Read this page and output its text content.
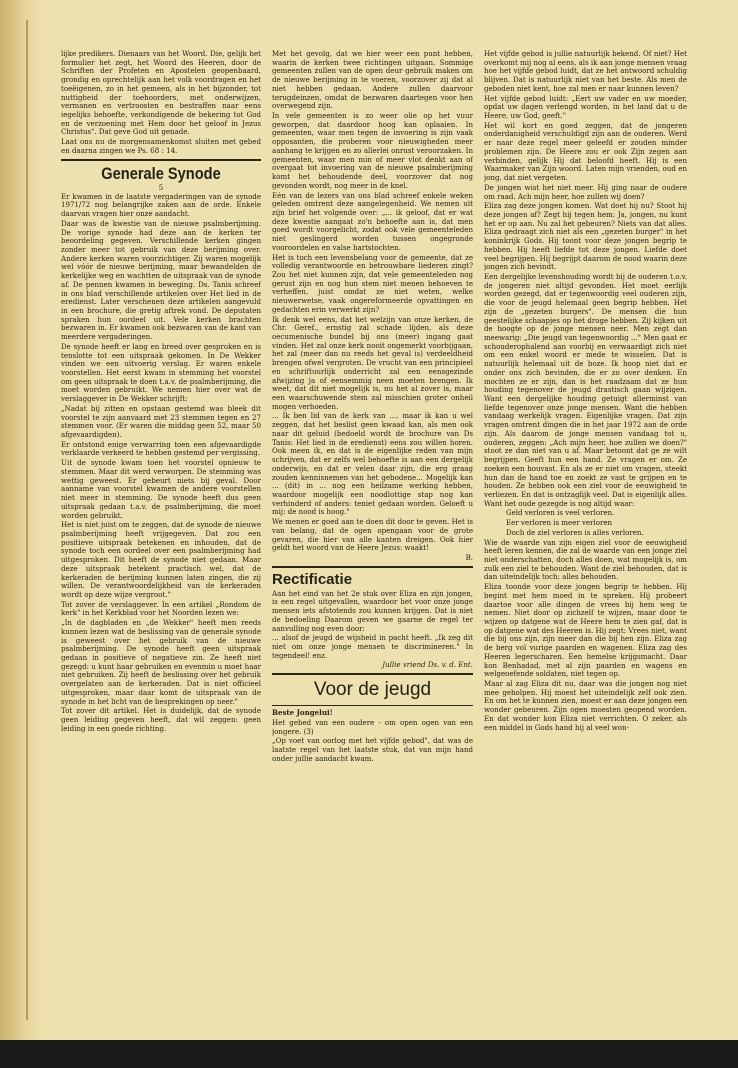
lijke predikers. Dienaars van het Woord. Die, gelijk het formulier het zegt, het Woord des Heeren, door de Schriften der Profeten en Apostelen geopenbaard, grondig en oprechtelijk aan het volk voordragen en het toeëigenen, zo in het gemeen, als in het bijzonder, tot nuttigheid der toehoorders, met onderwijzen, vermanen en vertroosten en bestraffen naar eens iegelijks behoefte, verkondigende de bekering tot God en de verzoening met Hem door het geloof in Jezus Christus". Dat geve God uit genade.

Laat ons nu de morgensamenkomst sluiten met gebed en daarna zingen we Ps. 68 : 14.

Generale Synode
5

Er kwamen in de laatste vergaderingen van de synode 1971/72 nog belangrijke zaken aan de orde. Enkele daarvan vragen hier onze aandacht.

Daar was de kwestie van de nieuwe psalmberijming. De vorige synode had deze aan de kerken ter beoordeling gegeven. Verschillende kerken gingen zonder meer tot gebruik van deze berijming over. Andere kerken waren voorzichtiger. Zij waren mogelijk wel vóór de nieuwe berijming, maar bewandelden de kerkelijke weg en wachtten de uitspraak van de synode af. De pennen kwamen in beweging. Ds. Tanis schreef in ons blad verschillende artikelen over Het lied in de eredienst. Later verschenen deze artikelen aangevuld in een brochure, die gretig aftrek vond. De deputaten spraken hun oordeel uit. Vele kerken brachten bezwaren in. Er kwamen ook bezwaren van de kant van meerdere vergaderingen.

De synode heeft er lang en breed over gesproken en is tenslotte tot een uitspraak gekomen. In De Wekker vinden we een uitvoerig verslag. Er waren enkele voorstellen. Het eerst kwam in stemming het voorstel om geen uitspraak te doen t.a.v. de psalmberijming, die moet worden gebruikt. We nemen hier over wat de verslaggever in De Wekker schrijft:

„Nadat bij zitten en opstaan gestemd was bleek dit voorstel te zijn aanvaard met 23 stemmen tegen en 27 stemmen voor. (Er waren die middag geen 52, maar 50 afgevaardigden).

Er ontstond enige verwarring toen een afgevaardigde verklaarde verkeerd te hebben gestemd per vergissing.

Uit de synode kwam toen het voorstel opnieuw te stemmen. Maar dit werd verworpen. De stemming was wettig geweest. Er gebeurt niets bij geval. Door aanname van voorstel kwamen de andere voorstellen niet meer in stemming. De synode heeft dus geen uitspraak gedaan t.a.v. de psalmberijming, die moet worden gebruikt.

Het is niet juist om te zeggen, dat de synode de nieuwe psalmberijming heeft vrijgegeven. Dat zou een positieve uitspraak betekenen en inhouden, dat de synode toch een oordeel over een psalmberijming had uitgesproken. Dit heeft de synode niet gedaan. Maar deze uitspraak betekent practisch wel, dat de kerkeraden de berijming kunnen laten zingen, die zij willen. De verantwoordelijkheid van de kerkeraden wordt op deze wijze vergroot."

Tot zover de verslaggever. In een artikel „Rondom de kerk" in het Kerkblad voor het Noorden lezen we:

„In de dagbladen en „de Wekker" heeft men reeds kunnen lezen wat de beslissing van de generale synode is geweest over het gebruik van de nieuwe psalmberijming. De synode heeft geen uitspraak gedaan in positieve of negatieve zin. Ze heeft niet gezegd: u kunt haar gebruiken en evenmin u moet haar niet gebruiken. Zij heeft de beslissing over het gebruik overgelaten aan de kerkeraden. Dat is niet officieel uitgesproken, maar daar komt de uitspraak van de synode in het licht van de besprekingen op neer."

Tot zover dit artikel. Het is duidelijk, dat de synode geen leiding gegeven heeft, dat wil zeggen: geen leiding in een goede richting.

Met het gevolg, dat we hier weer een punt hebben, waarin de kerken twee richtingen uitgaan. Sommige gemeenten zullen van de open deur gebruik maken om de nieuwe berijming in te voeren, voorzover zij dat al niet hebben gedaan. Andere zullen daarvoor terugdeinzen, omdat de bezwaren daartegen voor hen overwegend zijn.

In vele gemeenten is zo weer olie op het vuur geworpen, dat daardoor hoog kan oplaaien. In gemeenten, waar men tegen de invoering is zijn vaak opposanten, die proberen voor nieuwigheden meer aanhang te krijgen en zo allerlei onrust veroorzaken. In gemeenten, waar men min of meer vlot denkt aan of overgaat tot invoering van de nieuwe psalmberijming komt het behoudende deel, voorzover dat nog gevonden wordt, nog meer in de knel.

Eén van de lezers van ons blad schreef enkele weken geleden omtrent deze aangelegenheid. We nemen uit zijn brief het volgende over: „... ik geloof, dat er wat deze kwestie aangaat zo'n behoefte aan is, dat men goed wordt voorgelicht, zodat ook vele gemeenteleden niet geslingerd worden tussen ongegronde vooroordelen en valse hartstochten.

Het is toch een levensbelang voor de gemeente, dat ze volledig verantwoorde en betrouwbare liederen zingt? Zou het niet kunnen zijn, dat vele gemeenteleden nog gerust zijn en nog hun stem niet menen behoeven te verheffen, juist omdat ze niet weten, welke nieuwerwetse, vaak ongereformeerde opvattingen en gedachten erin verwerkt zijn?

Ik denk wel eens, dat het welzijn van onze kerken, de Chr. Geref., ernstig zal schade lijden, als deze oecumenische bundel bij ons (meer) ingang gaat vinden. Het zal onze kerk nooit ongemerkt voorbijgaan, het zal (meer dan nu reeds het geval is) verdeeldheid brengen ofwel vergroten. De vrucht van een principieel en schriftuurlijk onderricht zal een eensgezinde afwijzing ja of eensemmig neen moeten brengen. Ik weet, dat dit niet mogelijk is, nu het al zover is, maar een waarschuwende stem zal misschien groter onheil mogen verhoeden.

... Ik ben lid van de kerk van ..., maar ik kan u wel zeggen, dat het beslist geen kwaad kan, als men ook naar dit geluid (bedoeld wordt de brochure van Ds Tanis: Het lied in de eredienst) eens zou willen horen. Ook meen ik, en dat is de eigenlijke reden van mijn schrijven, dat er zelfs wel behoefte is aan een dergelijk onderwijs, en dat er velen daar zijn, die erg graag zouden kennisnemen van het gebodene... Mogelijk kan ... (dit) in ... nog een heilzame werking hebben, waardoor mogelijk een noodlottige stap nog kan verhinderd of anders: teniet gedaan worden. Geloeft u mij: de nood is hoog."

We menen er goed aan te doen dit door te geven. Het is van belang, dat de ogen opengaan voor de grote gevaren, die hier van alle kanten dreigen. Ook hier geldt het woord van de Heere Jezus: waakt!

B.
Rectificatie

Aan het eind van het 2e stuk over Eliza en zijn jongen, is een regel uitgevallen, waardoor het voor onze jonge mensen iets afstotends zou kunnen krijgen. Dat is niet de bedoeling Daarom geven we gaarne de regel ter aanvulling nog even door:

... alsof de jeugd de wijsheid in pacht heeft. „Ik zeg dit niet om onze jonge mensen te discrimineren." In tegendeel! enz.

Jullie vriend Ds. v. d. Ent.
Voor de jeugd

Beste Jongelui!

Het gebed van een oudere - om open ogen van een jongere. (3)

„Op voet van oorlog met het vijfde gebod", dat was de laatste regel van het laatste stuk, dat van mijn hand onder jullie aandacht kwam.

Het vijfde gebod is jullie natuurlijk bekend. Of niet? Het overkomt mij nog al eens, als ik aan jonge mensen vraag hoe het vijfde gebod luidt, dat ze het antwoord schuldig blijven. Dat is natuurlijk niet van het beste. Als men de geboden niet kent, hoe zal men er naar kunnen leven?

Het vijfde gebod luidt: „Eert uw vader en uw moeder, opdat uw dagen verlengd worden, in het land dat u de Heere, uw God, geeft."

Het wil kort en goed zeggen, dat de jongeren onderdanigheid verschuldigd zijn aan de ouderen. Werd er naar deze regel meer geleefd er zouden minder problemen zijn. De Heere zou er ook Zijn zegen aan verbinden, gelijk Hij dat beloofd heeft. Hij is een Waarmaker van Zijn woord. Laten mijn vrienden, oud en jong, dat niet vergeten.

De jongen wist het niet meer. Hij ging naar de oudere om raad. Ach mijn heer, hoe zullen wij doen?

Eliza zag deze jongen komen. Wat doet hij nu? Stoot hij deze jongen af? Zegt hij tegen hem: Ja, jongen, nu kunt het er op aan. Nu zal het gebeuren? Niets van dat alles. Eliza gedraagt zich niet als een „gezeten burger" in het koninkrijk Gods. Hij toont voor deze jongen begrip te hebben. Hij heeft liefde tot deze jongen. Liefde doet veel begrijpen. Hij begrijpt daarom de nood waarin deze jongen zich bevindt.

Een dergelijke levenshouding wordt bij de ouderen t.o.v. de jongeren niet altijd gevonden. Het moet eerlijk worden gezegd, dat er tegenwoordig veel ouderen zijn, die voor de jeugd helemaal geen begrip hebben. Het zijn de „gezeten burgers". De mensen die hun geestelijke schaapjes op het droge hebben. Zij kijken uit de hoogte op de jonge mensen neer. Men zegt dan meewarig: „Die jeugd van tegenwoordig ..." Men gaat er schouderophalend aan voorbij en verwaardigt zich niet om een enkel woord er mede te wisselen. Dat is natuurlijk helemaal uit de boze. Ik hoop niet dat er onder ons zich bevinden, die er zo over denken. En mochten ze er zijn, dan is het raadzaam dat ze hun houding tegenover de jeugd drastisch gaan wijzigen. Want een dergelijke houding getuigt allerminst van liefde tegenover onze jonge mensen. Want die hebben vandaag werkelijk vragen. Eigenlijke vragen. Dat zijn vragen omtrent dingen die in het jaar 1972 aan de orde zijn. Als daarom de jonge mensen vandaag tot u, ouderen, zeggen: „Ach mijn heer, hoe zullen we doen?" stoot ze dan niet van u af. Maar betoont dat ge ze wilt begrijpen. Geeft hun een hand. Ze vragen er om. Ze zoeken een houvast. En als ze er niet om vragen, steekt hun dan de hand toe en zoekt ze vast te grijpen en te houden. Ze hebben ook een ziel voor de eeuwigheid te verliezen. En dat is ontzaglijk veel. Dat is eigenlijk alles. Want het oude gezegde is nog altijd waar:

Geld verloren is veel verloren.

Eer verloren is meer verloren

Doch de ziel verloren is alles verloren.

Wie de waarde van zijn eigen ziel voor de eeuwigheid heeft leren kennen, die zal de waarde van een jonge ziel niet onderschatten, doch alles doen, wat mogelijk is, om zulk een ziel te behouden. Want de ziel behouden, dat is dan uiteindelijk toch: alles behouden.

Eliza toonde voor deze jongen begrip te hebben. Hij begint met hem moed in te spreken. Hij probeert daartoe voor alle dingen de vrees bij hem weg te nemen. Niet door op zichzelf te wijzen, maar door te wijzen op datgene wat de Heere hem te zien gaf, dat is op datgene wat des Heeren is. Hij zegt: Vrees niet, want die bij ons zijn, zijn meer dan die bij hen zijn. Eliza zag de berg vol vurige paarden en wagenen. Eliza zag des Heeren legerscharen. Een hemelse krijgsmacht. Daar kon Benhadad, met al zijn paarden en wagens en welgeoefende soldaten, niet tegen op.

Maar al zag Eliza dit nu, daar was die jongen nog niet mee geholpen. Hij moest het uiteindelijk zelf ook zien. En om het te kunnen zien, moest er aan deze jongen een wonder gebeuren. Zijn ogen moesten geopend worden. En dat wonder kon Eliza niet verrichten. O zeker, als een middel in Gods hand hij al veel won-
